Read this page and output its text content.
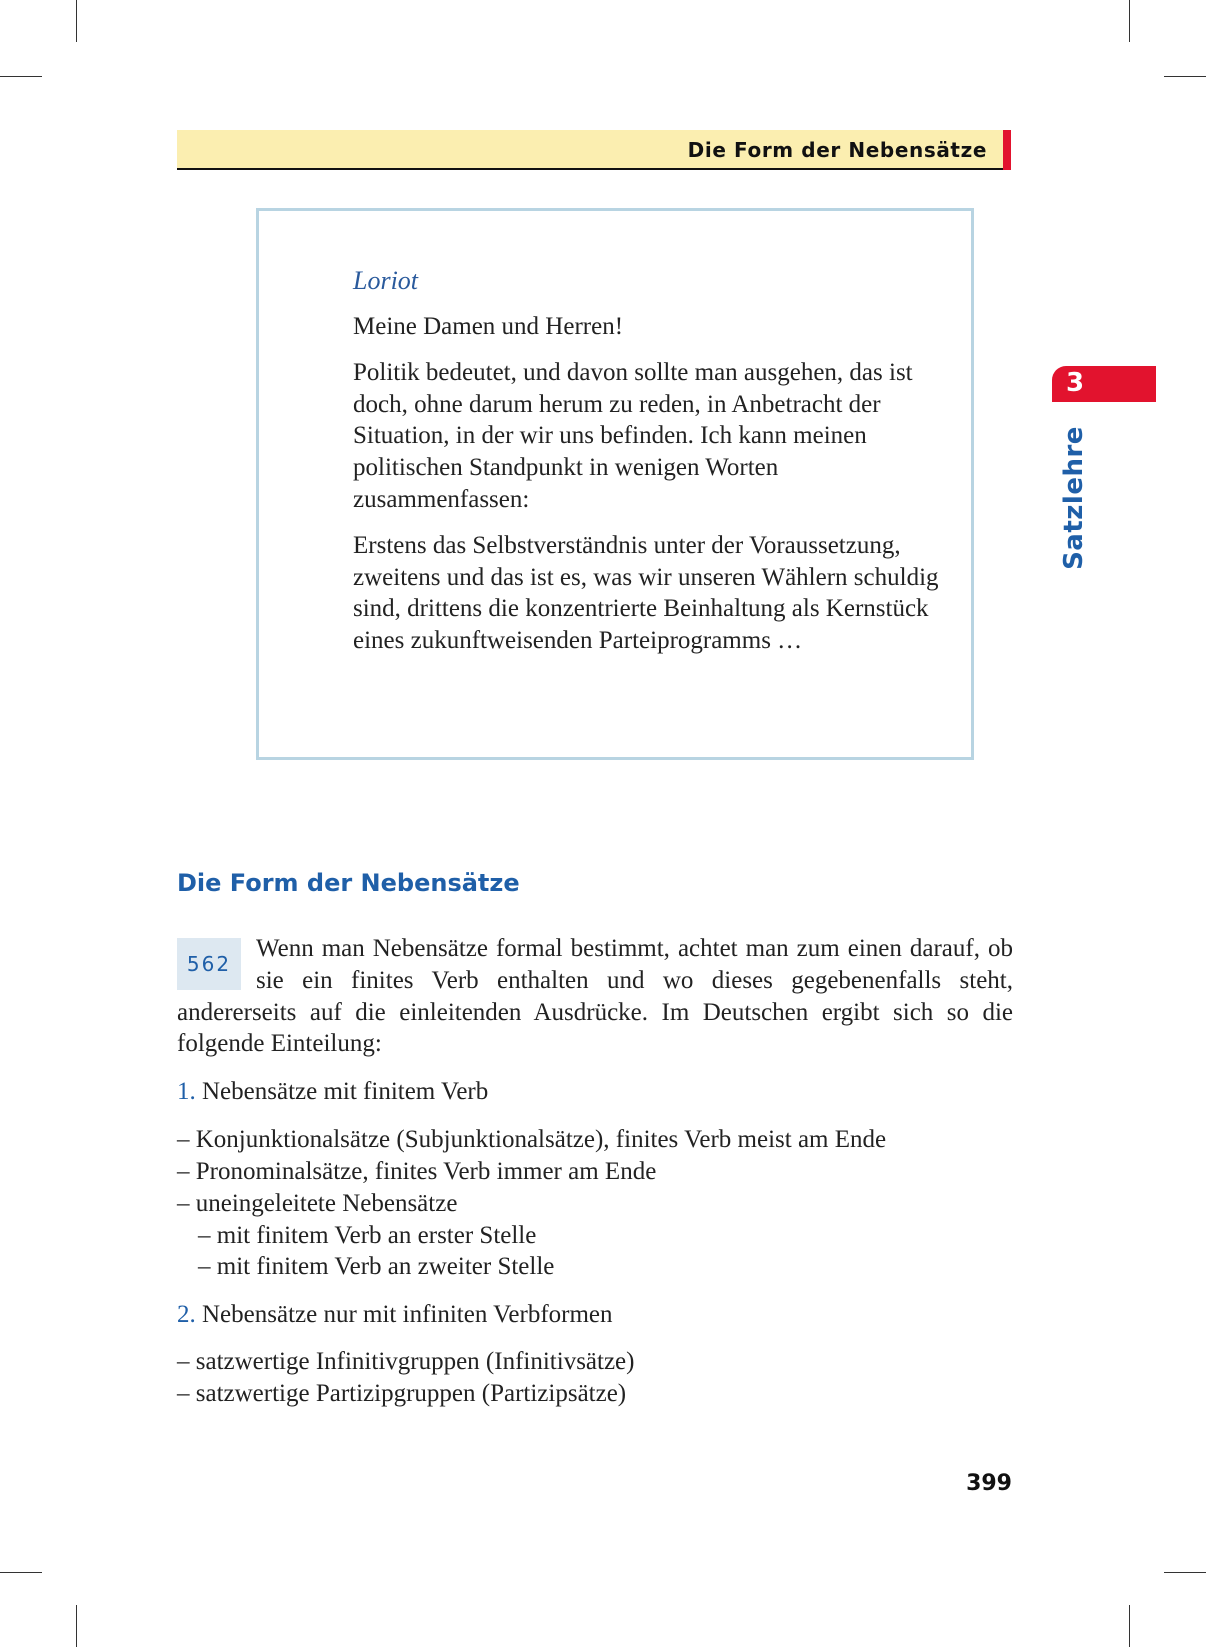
Die Form der Nebensätze

Loriot

Meine Damen und Herren!

Politik bedeutet, und davon sollte man ausgehen, das ist doch, ohne darum herum zu reden, in Anbetracht der Situation, in der wir uns befinden. Ich kann meinen politischen Standpunkt in wenigen Worten zusammenfassen:

Erstens das Selbstverständnis unter der Voraussetzung, zweitens und das ist es, was wir unseren Wählern schuldig sind, drittens die konzentrierte Beinhaltung als Kernstück eines zukunftweisenden Parteiprogramms …

3
Satzlehre
Die Form der Nebensätze
562

Wenn man Nebensätze formal bestimmt, achtet man zum einen darauf, ob sie ein finites Verb enthalten und wo dieses gegebenenfalls steht, andererseits auf die einleitenden Ausdrücke. Im Deutschen ergibt sich so die folgende Einteilung:

1. Nebensätze mit finitem Verb
– Konjunktionalsätze (Subjunktionalsätze), finites Verb meist am Ende
– Pronominalsätze, finites Verb immer am Ende
– uneingeleitete Nebensätze
– mit finitem Verb an erster Stelle
– mit finitem Verb an zweiter Stelle
2. Nebensätze nur mit infiniten Verbformen
– satzwertige Infinitivgruppen (Infinitivsätze)
– satzwertige Partizipgruppen (Partizipsätze)
399
